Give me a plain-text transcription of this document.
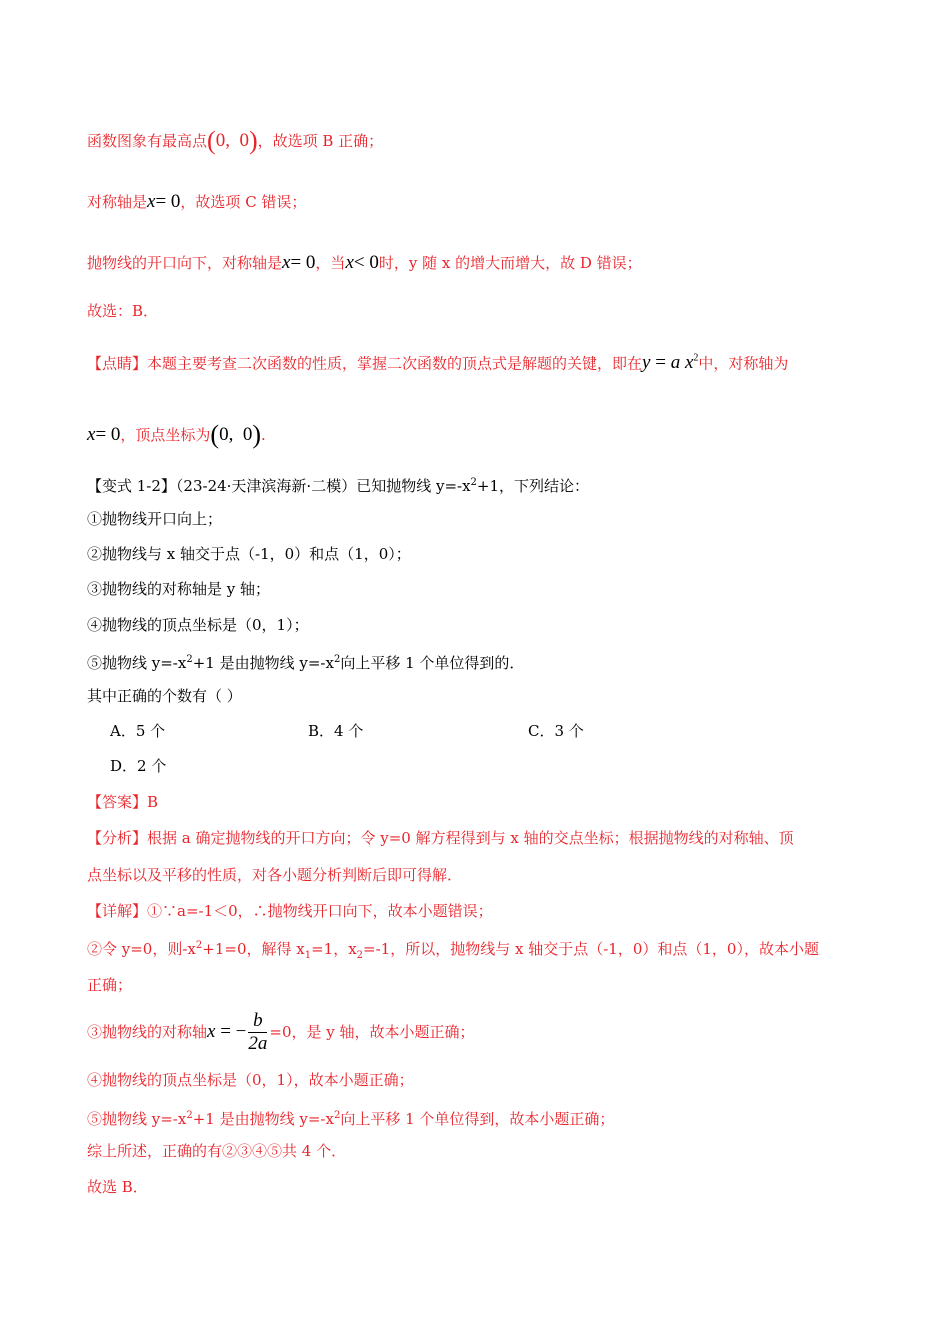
函数图象有最高点(0, 0)，故选项 B 正确；
对称轴是x= 0，故选项 C 错误；
抛物线的开口向下，对称轴是x= 0，当x< 0时，y 随 x 的增大而增大，故 D 错误；
故选：B．
【点睛】本题主要考查二次函数的性质，掌握二次函数的顶点式是解题的关键，即在y = a $x^2$中，对称轴为
x= 0，顶点坐标为(0, 0).
【变式 1-2】（23-24·天津滨海新·二模）已知抛物线 $y=-x^2+1$，下列结论：
①抛物线开口向上；
②抛物线与 x 轴交于点（-1，0）和点（1，0）；
③抛物线的对称轴是 y 轴；
④抛物线的顶点坐标是（0，1）；
⑤抛物线 $y=-x^2+1$ 是由抛物线 $y=-x^2$向上平移 1 个单位得到的．
其中正确的个数有（ ）
A．5 个	B．4 个	C．3 个
D．2 个
【答案】B
【分析】根据 a 确定抛物线的开口方向；令 y=0 解方程得到与 x 轴的交点坐标；根据抛物线的对称轴、顶
点坐标以及平移的性质，对各小题分析判断后即可得解．
【详解】①∵a=-1＜0，∴抛物线开口向下，故本小题错误；
②令 y=0，则$-x^2+1=0$，解得 $x_1=1$，$x_2=-1$，所以，抛物线与 x 轴交于点（-1，0）和点（1，0），故本小题
正确；
③抛物线的对称轴x = − $\frac{b}{2a} =0$，是 y 轴，故本小题正确；
④抛物线的顶点坐标是（0，1），故本小题正确；
⑤抛物线 $y=-x^2+1$ 是由抛物线 $y=-x^2$向上平移 1 个单位得到，故本小题正确；
综上所述，正确的有②③④⑤共 4 个．
故选 B．
